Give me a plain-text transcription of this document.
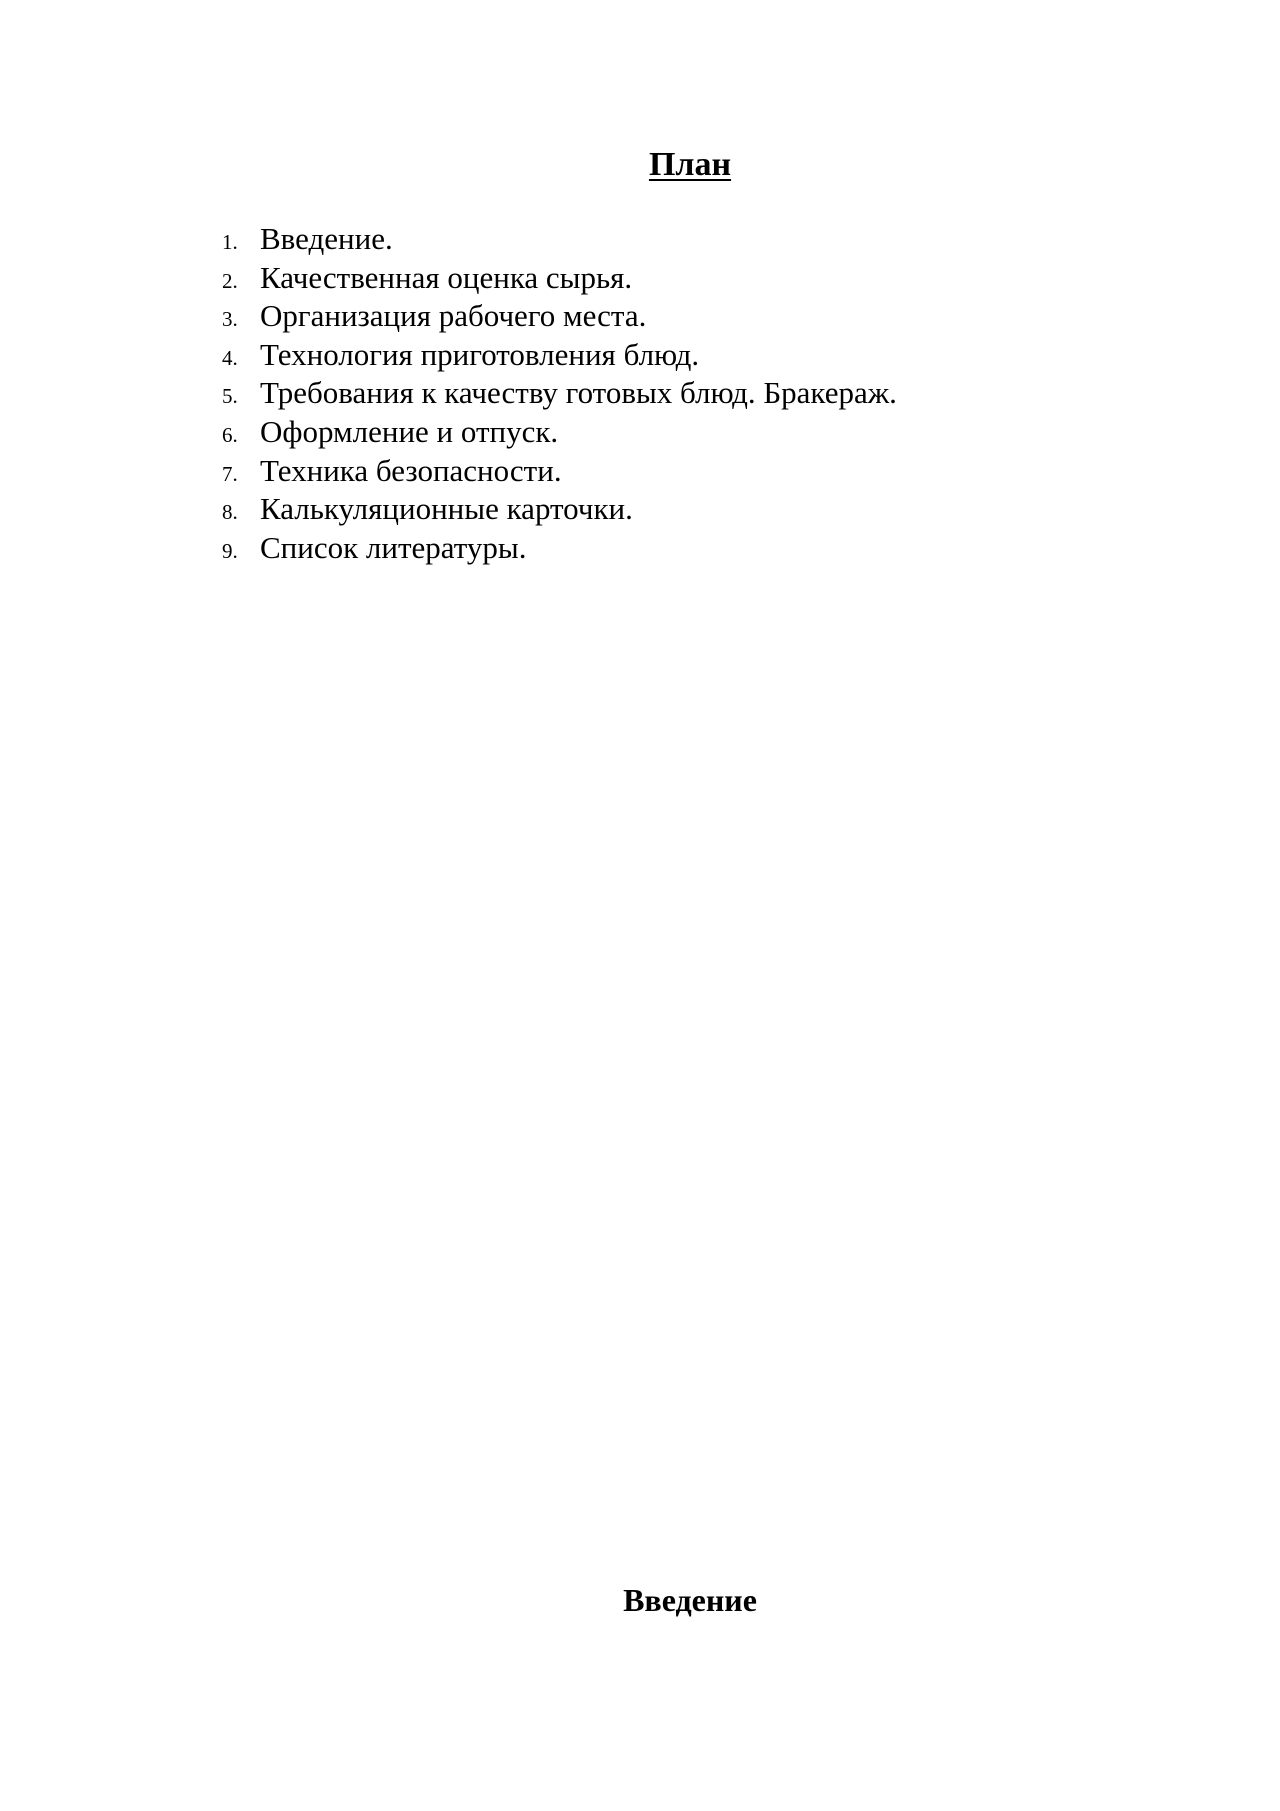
План
1. Введение.
2. Качественная оценка сырья.
3. Организация рабочего места.
4. Технология приготовления блюд.
5. Требования к качеству готовых блюд. Бракераж.
6. Оформление и отпуск.
7. Техника безопасности.
8. Калькуляционные карточки.
9. Список литературы.
Введение
